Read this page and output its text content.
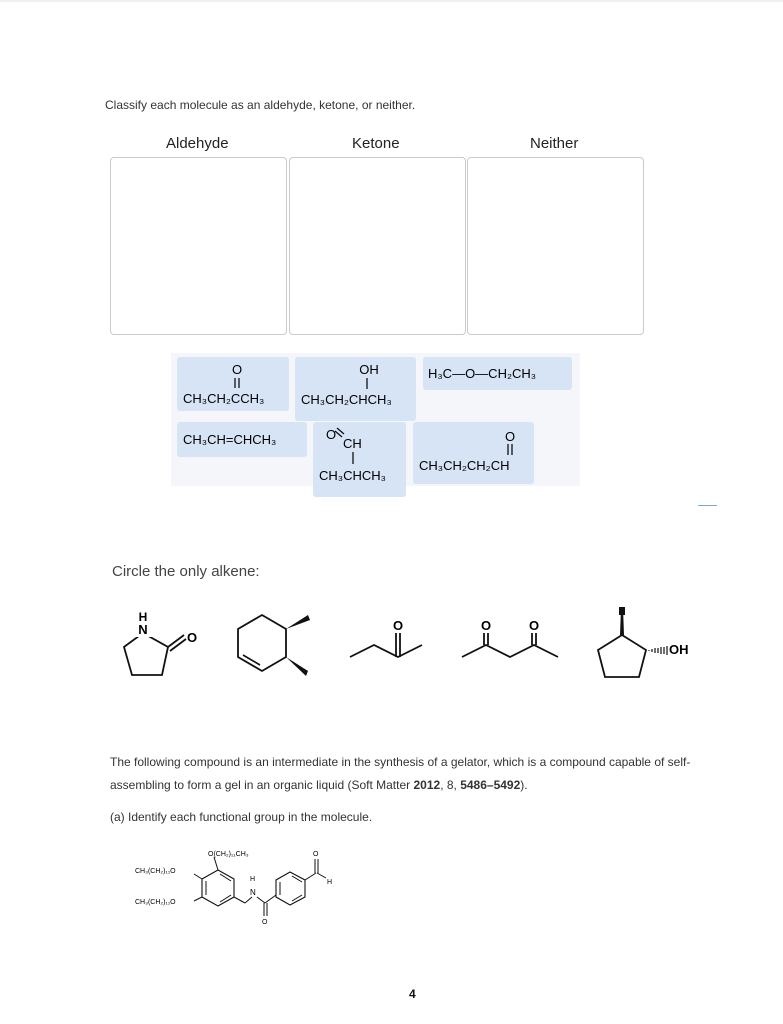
Classify each molecule as an aldehyde, ketone, or neither.
Aldehyde	Ketone	Neither
O
CH₃CH₂CCH₃
OH
CH₃CH₂CHCH₃
H₃C—O—CH₂CH₃
CH₃CH=CHCH₃	O
CH
CH₃CHCH₃
O
CH₃CH₂CH₂CH
Circle the only alkene:
H
N
O
O	O	O
OH
The following compound is an intermediate in the synthesis of a gelator, which is a compound capable of self-assembling to form a gel in an organic liquid (Soft Matter 2012, 8, 5486–5492).
(a) Identify each functional group in the molecule.
O(CH₂)₁₁CH₃
CH₃(CH₂)₁₁O
CH₃(CH₂)₁₁O
H
N
O
O
H
4
